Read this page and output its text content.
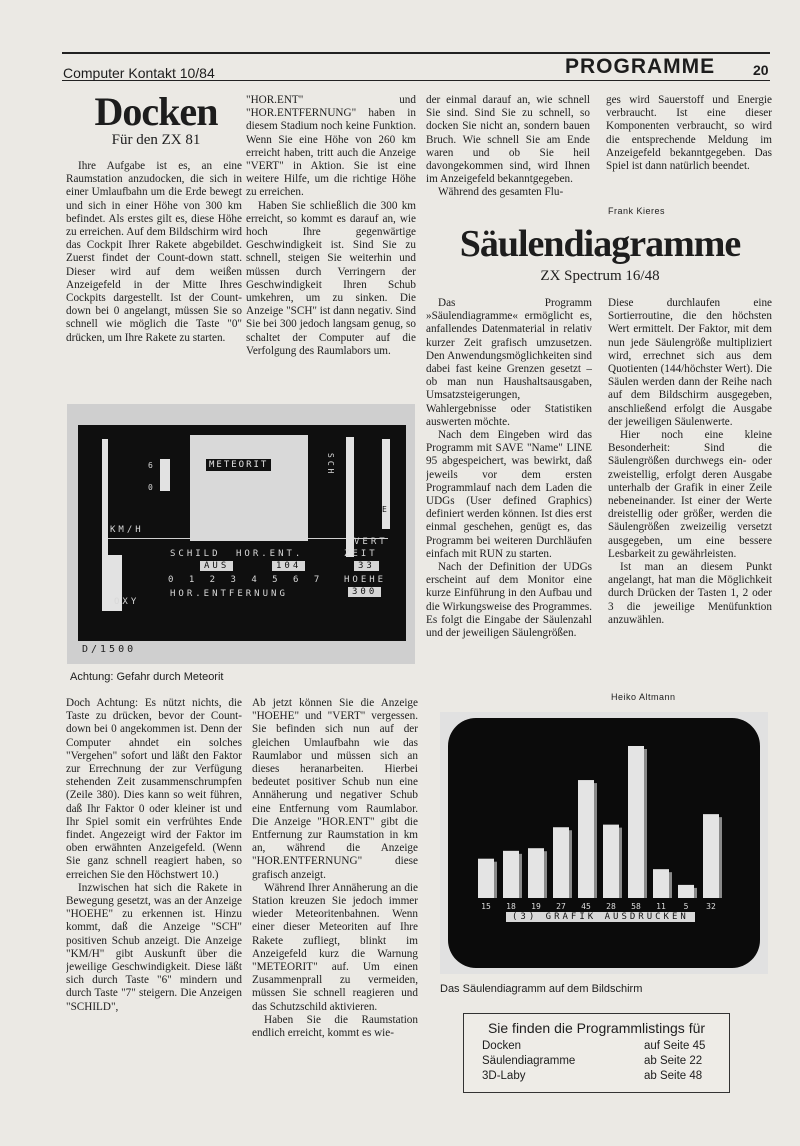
Computer Kontakt 10/84	PROGRAMME	20
Docken
Für den ZX 81

Ihre Aufgabe ist es, an eine Raumstation anzudocken, die sich in einer Umlaufbahn um die Erde bewegt und sich in einer Höhe von 300 km befindet. Als erstes gilt es, diese Höhe zu erreichen. Auf dem Bildschirm wird das Cockpit Ihrer Rakete abgebildet. Zuerst findet der Count-down statt. Dieser wird auf dem weißen Anzeigefeld in der Mitte Ihres Cockpits dargestellt. Ist der Count-down bei 0 angelangt, müssen Sie so schnell wie möglich die Taste "0" drücken, um Ihre Rakete zu starten.

"HOR.ENT" und "HOR.ENTFERNUNG" haben in diesem Stadium noch keine Funktion. Wenn Sie eine Höhe von 260 km erreicht haben, tritt auch die Anzeige "VERT" in Aktion. Sie ist eine weitere Hilfe, um die richtige Höhe zu erreichen.

Haben Sie schließlich die 300 km erreicht, so kommt es darauf an, wie hoch Ihre gegenwärtige Geschwindigkeit ist. Sind Sie zu schnell, steigen Sie weiterhin und müssen durch Verringern der Geschwindigkeit Ihren Schub umkehren, um zu sinken. Die Anzeige "SCH" ist dann negativ. Sind Sie bei 300 jedoch langsam genug, so schaltet der Computer auf die Verfolgung des Raumlabors um.

der einmal darauf an, wie schnell Sie sind. Sind Sie zu schnell, so docken Sie nicht an, sondern bauen Bruch. Wie schnell Sie am Ende waren und ob Sie heil davongekommen sind, wird Ihnen im Anzeigefeld bekanntgegeben.

Während des gesamten Flu-

ges wird Sauerstoff und Energie verbraucht. Ist eine dieser Komponenten verbraucht, so wird die entsprechende Meldung im Anzeigefeld bekanntgegeben. Das Spiel ist dann natürlich beendet.

Frank Kieres
Säulendiagramme
ZX Spectrum 16/48

Das Programm »Säulendiagramme« ermöglicht es, anfallendes Datenmaterial in relativ kurzer Zeit grafisch umzusetzen. Den Anwendungsmöglichkeiten sind dabei fast keine Grenzen gesetzt – ob man nun Haushaltsausgaben, Umsatzsteigerungen, Wahlergebnisse oder Statistiken auswerten möchte.

Nach dem Eingeben wird das Programm mit SAVE "Name" LINE 95 abgespeichert, was bewirkt, daß jeweils vor dem ersten Programmlauf nach dem Laden die UDGs (User defined Graphics) definiert werden können. Ist dies erst einmal geschehen, genügt es, das Programm bei weiteren Durchläufen einfach mit RUN zu starten.

Nach der Definition der UDGs erscheint auf dem Monitor eine kurze Einführung in den Aufbau und die Wirkungsweise des Programmes. Es folgt die Eingabe der Säulenzahl und der jeweiligen Säulengrößen.

Diese durchlaufen eine Sortierroutine, die den höchsten Wert ermittelt. Der Faktor, mit dem nun jede Säulengröße multipliziert wird, errechnet sich aus dem Quotienten (144/höchster Wert). Die Säulen werden dann der Reihe nach auf dem Bildschirm ausgegeben, anschließend erfolgt die Ausgabe der jeweiligen Säulenwerte.

Hier noch eine kleine Besonderheit: Sind die Säulengrößen durchwegs ein- oder zweistellig, erfolgt deren Ausgabe unterhalb der Grafik in einer Zeile nebeneinander. Ist einer der Werte dreistellig oder größer, werden die Säulengrößen zweizeilig versetzt ausgegeben, um eine bessere Lesbarkeit zu gewährleisten.

Ist man an diesem Punkt angelangt, hat man die Möglichkeit durch Drücken der Tasten 1, 2 oder 3 die jeweilige Menüfunktion anzuwählen.

Heiko Altmann
6
0
KM/H
METEORIT	SCH
E
VERT
SCHILD HOR.ENT.	ZEIT
AUS	104	33
0 1 2 3 4 5 6 7 HOEHE
HOR.ENTFERNUNG	300
OXY
D/1500
Achtung: Gefahr durch Meteorit

Doch Achtung: Es nützt nichts, die Taste zu drücken, bevor der Count-down bei 0 angekommen ist. Denn der Computer ahndet ein solches "Vergehen" sofort und läßt den Faktor zur Errechnung der zur Verfügung stehenden Zeit zusammenschrumpfen (Zeile 380). Dies kann so weit führen, daß Ihr Faktor 0 oder kleiner ist und Ihr Spiel somit ein verfrühtes Ende findet. Angezeigt wird der Faktor im oben erwähnten Anzeigefeld. (Wenn Sie ganz schnell reagiert haben, so erreichen Sie den Höchstwert 10.)

Inzwischen hat sich die Rakete in Bewegung gesetzt, was an der Anzeige "HOEHE" zu erkennen ist. Hinzu kommt, daß die Anzeige "SCH" positiven Schub anzeigt. Die Anzeige "KM/H" gibt Auskunft über die jeweilige Geschwindigkeit. Diese läßt sich durch Taste "6" mindern und durch Taste "7" steigern. Die Anzeigen "SCHILD",

Ab jetzt können Sie die Anzeige "HOEHE" und "VERT" vergessen. Sie befinden sich nun auf der gleichen Umlaufbahn wie das Raumlabor und müssen sich an dieses heranarbeiten. Hierbei bedeutet positiver Schub nun eine Annäherung und negativer Schub eine Entfernung vom Raumlabor. Die Anzeige "HOR.ENT" gibt die Entfernung zur Raumstation in km an, während die Anzeige "HOR.ENTFERNUNG" diese grafisch anzeigt.

Während Ihrer Annäherung an die Station kreuzen Sie jedoch immer wieder Meteoritenbahnen. Wenn einer dieser Meteoriten auf Ihre Rakete zufliegt, blinkt im Anzeigefeld kurz die Warnung "METEORIT" auf. Um einen Zusammenprall zu vermeiden, müssen Sie schnell reagieren und das Schutzschild aktivieren.

Haben Sie die Raumstation endlich erreicht, kommt es wie-

15 18 19 27 45 28 58 11 5 32
(3) GRAFIK AUSDRUCKEN
Das Säulendiagramm auf dem Bildschirm
Sie finden die Programmlistings für
Docken	auf Seite 45
Säulendiagramme	ab Seite 22
3D-Laby	ab Seite 48
